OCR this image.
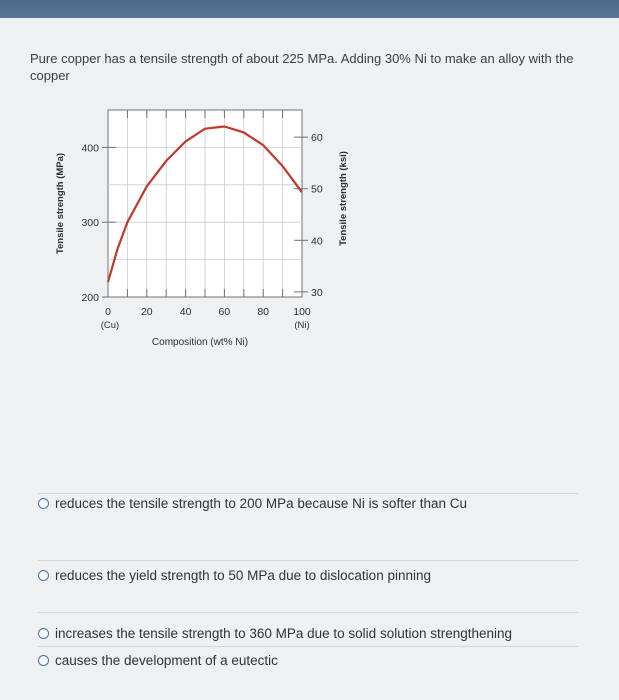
Pure copper has a tensile strength of about 225 MPa. Adding 30% Ni to make an alloy with the copper
200
300
400
30
40
50
60
0
(Cu)
20	40	60	80 100
(Ni)
Composition (wt% Ni)
Tensile strength (MPa)	Tensile strength (ksi)
reduces the tensile strength to 200 MPa because Ni is softer than Cu
reduces the yield strength to 50 MPa due to dislocation pinning
increases the tensile strength to 360 MPa due to solid solution strengthening
causes the development of a eutectic
